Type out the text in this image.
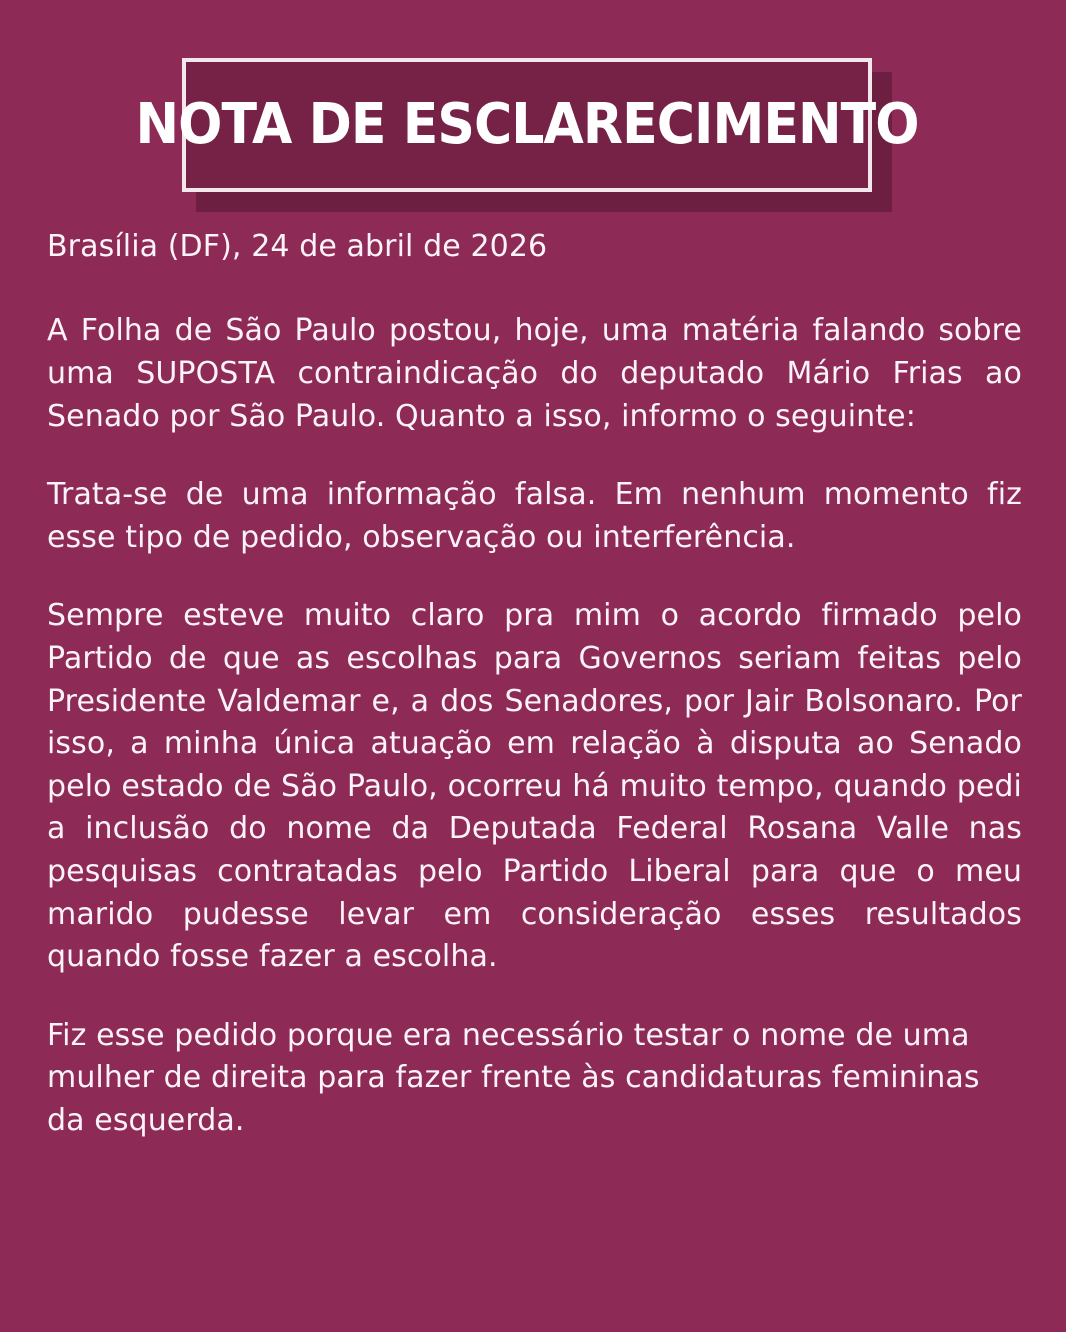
NOTA DE ESCLARECIMENTO

Brasília (DF), 24 de abril de 2026

A Folha de São Paulo postou, hoje, uma matéria falando sobre uma SUPOSTA contraindicação do deputado Mário Frias ao Senado por São Paulo. Quanto a isso, informo o seguinte:

Trata-se de uma informação falsa. Em nenhum momento fiz esse tipo de pedido, observação ou interferência.

Sempre esteve muito claro pra mim o acordo firmado pelo Partido de que as escolhas para Governos seriam feitas pelo Presidente Valdemar e, a dos Senadores, por Jair Bolsonaro. Por isso, a minha única atuação em relação à disputa ao Senado pelo estado de São Paulo, ocorreu há muito tempo, quando pedi a inclusão do nome da Deputada Federal Rosana Valle nas pesquisas contratadas pelo Partido Liberal para que o meu marido pudesse levar em consideração esses resultados quando fosse fazer a escolha.

Fiz esse pedido porque era necessário testar o nome de uma mulher de direita para fazer frente às candidaturas femininas da esquerda.
